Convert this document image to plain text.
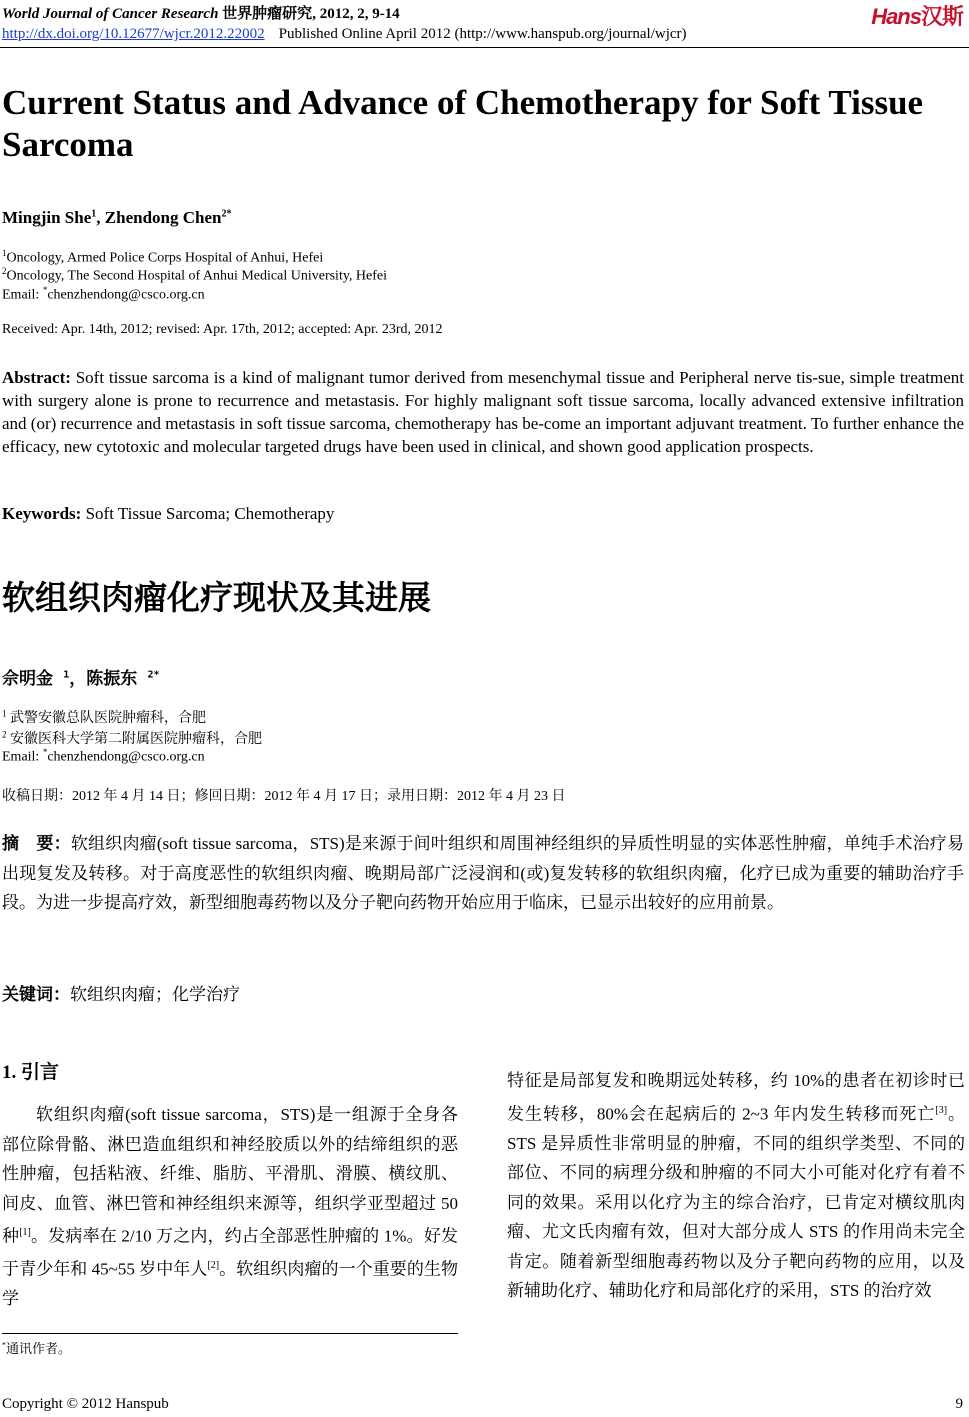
World Journal of Cancer Research 世界肿瘤研究, 2012, 2, 9-14
http://dx.doi.org/10.12677/wjcr.2012.22002 Published Online April 2012 (http://www.hanspub.org/journal/wjcr)
Hans汉斯
Current Status and Advance of Chemotherapy for Soft Tissue Sarcoma
Mingjin She$^1$, Zhendong Chen$^{2*}$
$^1$Oncology, Armed Police Corps Hospital of Anhui, Hefei
$^2$Oncology, The Second Hospital of Anhui Medical University, Hefei
Email: *chenzhendong@csco.org.cn
Received: Apr. 14th, 2012; revised: Apr. 17th, 2012; accepted: Apr. 23rd, 2012
Abstract: Soft tissue sarcoma is a kind of malignant tumor derived from mesenchymal tissue and Peripheral nerve tis-sue, simple treatment with surgery alone is prone to recurrence and metastasis. For highly malignant soft tissue sarcoma, locally advanced extensive infiltration and (or) recurrence and metastasis in soft tissue sarcoma, chemotherapy has be-come an important adjuvant treatment. To further enhance the efficacy, new cytotoxic and molecular targeted drugs have been used in clinical, and shown good application prospects.
Keywords: Soft Tissue Sarcoma; Chemotherapy
软组织肉瘤化疗现状及其进展
佘明金 $^1$，陈振东 $^{2*}$
$^1$ 武警安徽总队医院肿瘤科，合肥
$^2$ 安徽医科大学第二附属医院肿瘤科，合肥
Email: *chenzhendong@csco.org.cn
收稿日期：2012 年 4 月 14 日；修回日期：2012 年 4 月 17 日；录用日期：2012 年 4 月 23 日
摘　要：软组织肉瘤(soft tissue sarcoma，STS)是来源于间叶组织和周围神经组织的异质性明显的实体恶性肿瘤，单纯手术治疗易出现复发及转移。对于高度恶性的软组织肉瘤、晚期局部广泛浸润和(或)复发转移的软组织肉瘤，化疗已成为重要的辅助治疗手段。为进一步提高疗效，新型细胞毒药物以及分子靶向药物开始应用于临床，已显示出较好的应用前景。
关键词：软组织肉瘤；化学治疗
1. 引言
软组织肉瘤(soft tissue sarcoma，STS)是一组源于全身各部位除骨骼、淋巴造血组织和神经胶质以外的结缔组织的恶性肿瘤，包括粘液、纤维、脂肪、平滑肌、滑膜、横纹肌、间皮、血管、淋巴管和神经组织来源等，组织学亚型超过 50 种[1]。发病率在 2/10 万之内，约占全部恶性肿瘤的 1%。好发于青少年和 45~55 岁中年人[2]。软组织肉瘤的一个重要的生物学
特征是局部复发和晚期远处转移，约 10%的患者在初诊时已发生转移，80%会在起病后的 2~3 年内发生转移而死亡[3]。STS 是异质性非常明显的肿瘤，不同的组织学类型、不同的部位、不同的病理分级和肿瘤的不同大小可能对化疗有着不同的效果。采用以化疗为主的综合治疗，已肯定对横纹肌肉瘤、尤文氏肉瘤有效，但对大部分成人 STS 的作用尚未完全肯定。随着新型细胞毒药物以及分子靶向药物的应用，以及新辅助化疗、辅助化疗和局部化疗的采用，STS 的治疗效
*通讯作者。
Copyright © 2012 Hanspub	9
